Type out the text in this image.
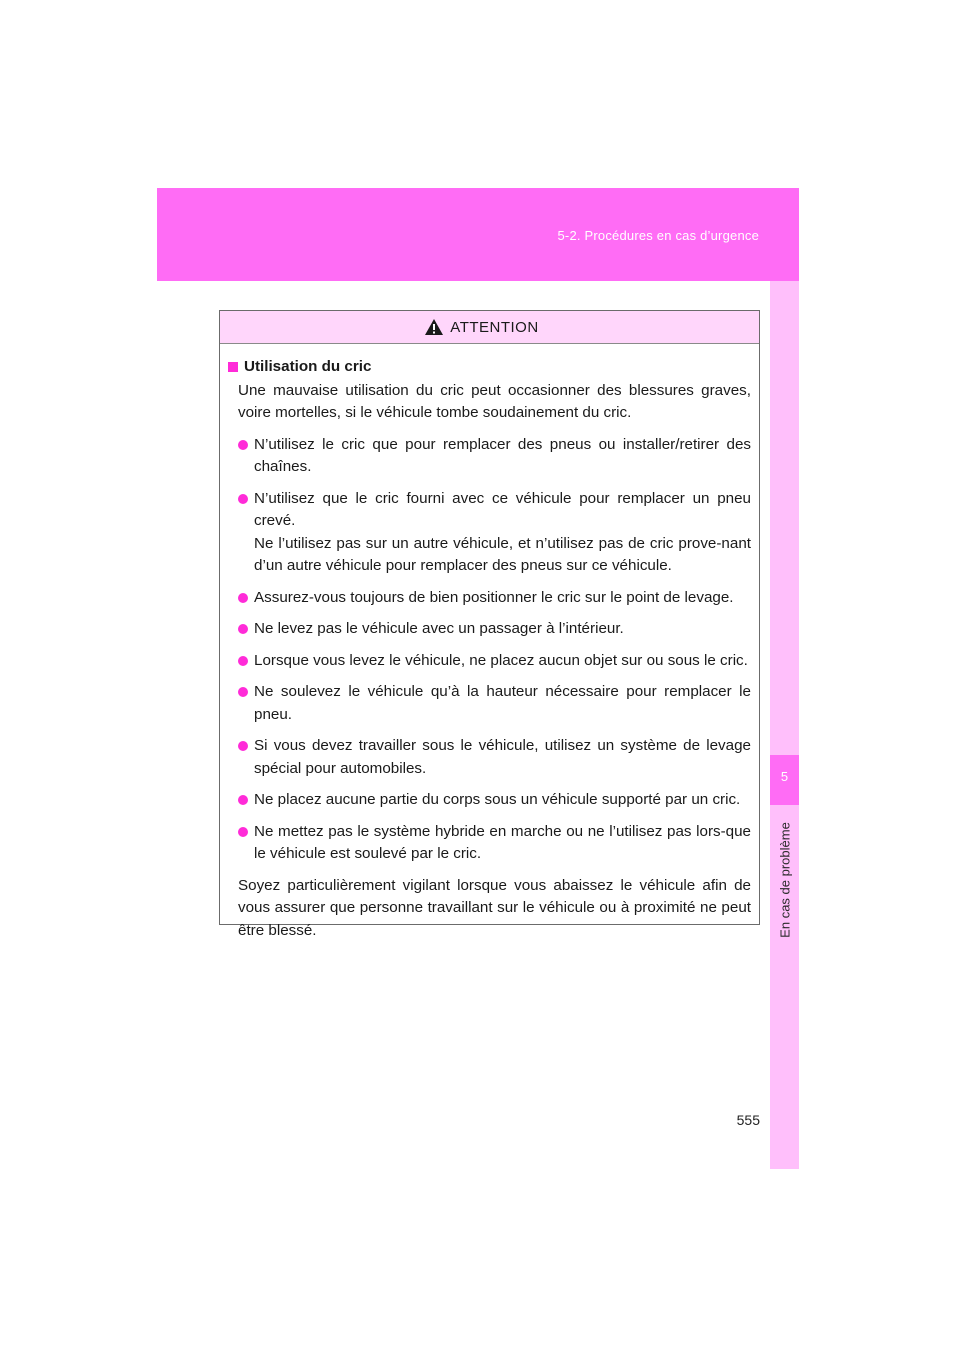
5-2. Procédures en cas d’urgence
5
En cas de problème
ATTENTION
Utilisation du cric
Une mauvaise utilisation du cric peut occasionner des blessures graves, voire mortelles, si le véhicule tombe soudainement du cric.
N’utilisez le cric que pour remplacer des pneus ou installer/retirer des chaînes.
N’utilisez que le cric fourni avec ce véhicule pour remplacer un pneu crevé.
Ne l’utilisez pas sur un autre véhicule, et n’utilisez pas de cric prove-nant d’un autre véhicule pour remplacer des pneus sur ce véhicule.
Assurez-vous toujours de bien positionner le cric sur le point de levage.
Ne levez pas le véhicule avec un passager à l’intérieur.
Lorsque vous levez le véhicule, ne placez aucun objet sur ou sous le cric.
Ne soulevez le véhicule qu’à la hauteur nécessaire pour remplacer le pneu.
Si vous devez travailler sous le véhicule, utilisez un système de levage spécial pour automobiles.
Ne placez aucune partie du corps sous un véhicule supporté par un cric.
Ne mettez pas le système hybride en marche ou ne l’utilisez pas lors-que le véhicule est soulevé par le cric.
Soyez particulièrement vigilant lorsque vous abaissez le véhicule afin de vous assurer que personne travaillant sur le véhicule ou à proximité ne peut être blessé.
555
